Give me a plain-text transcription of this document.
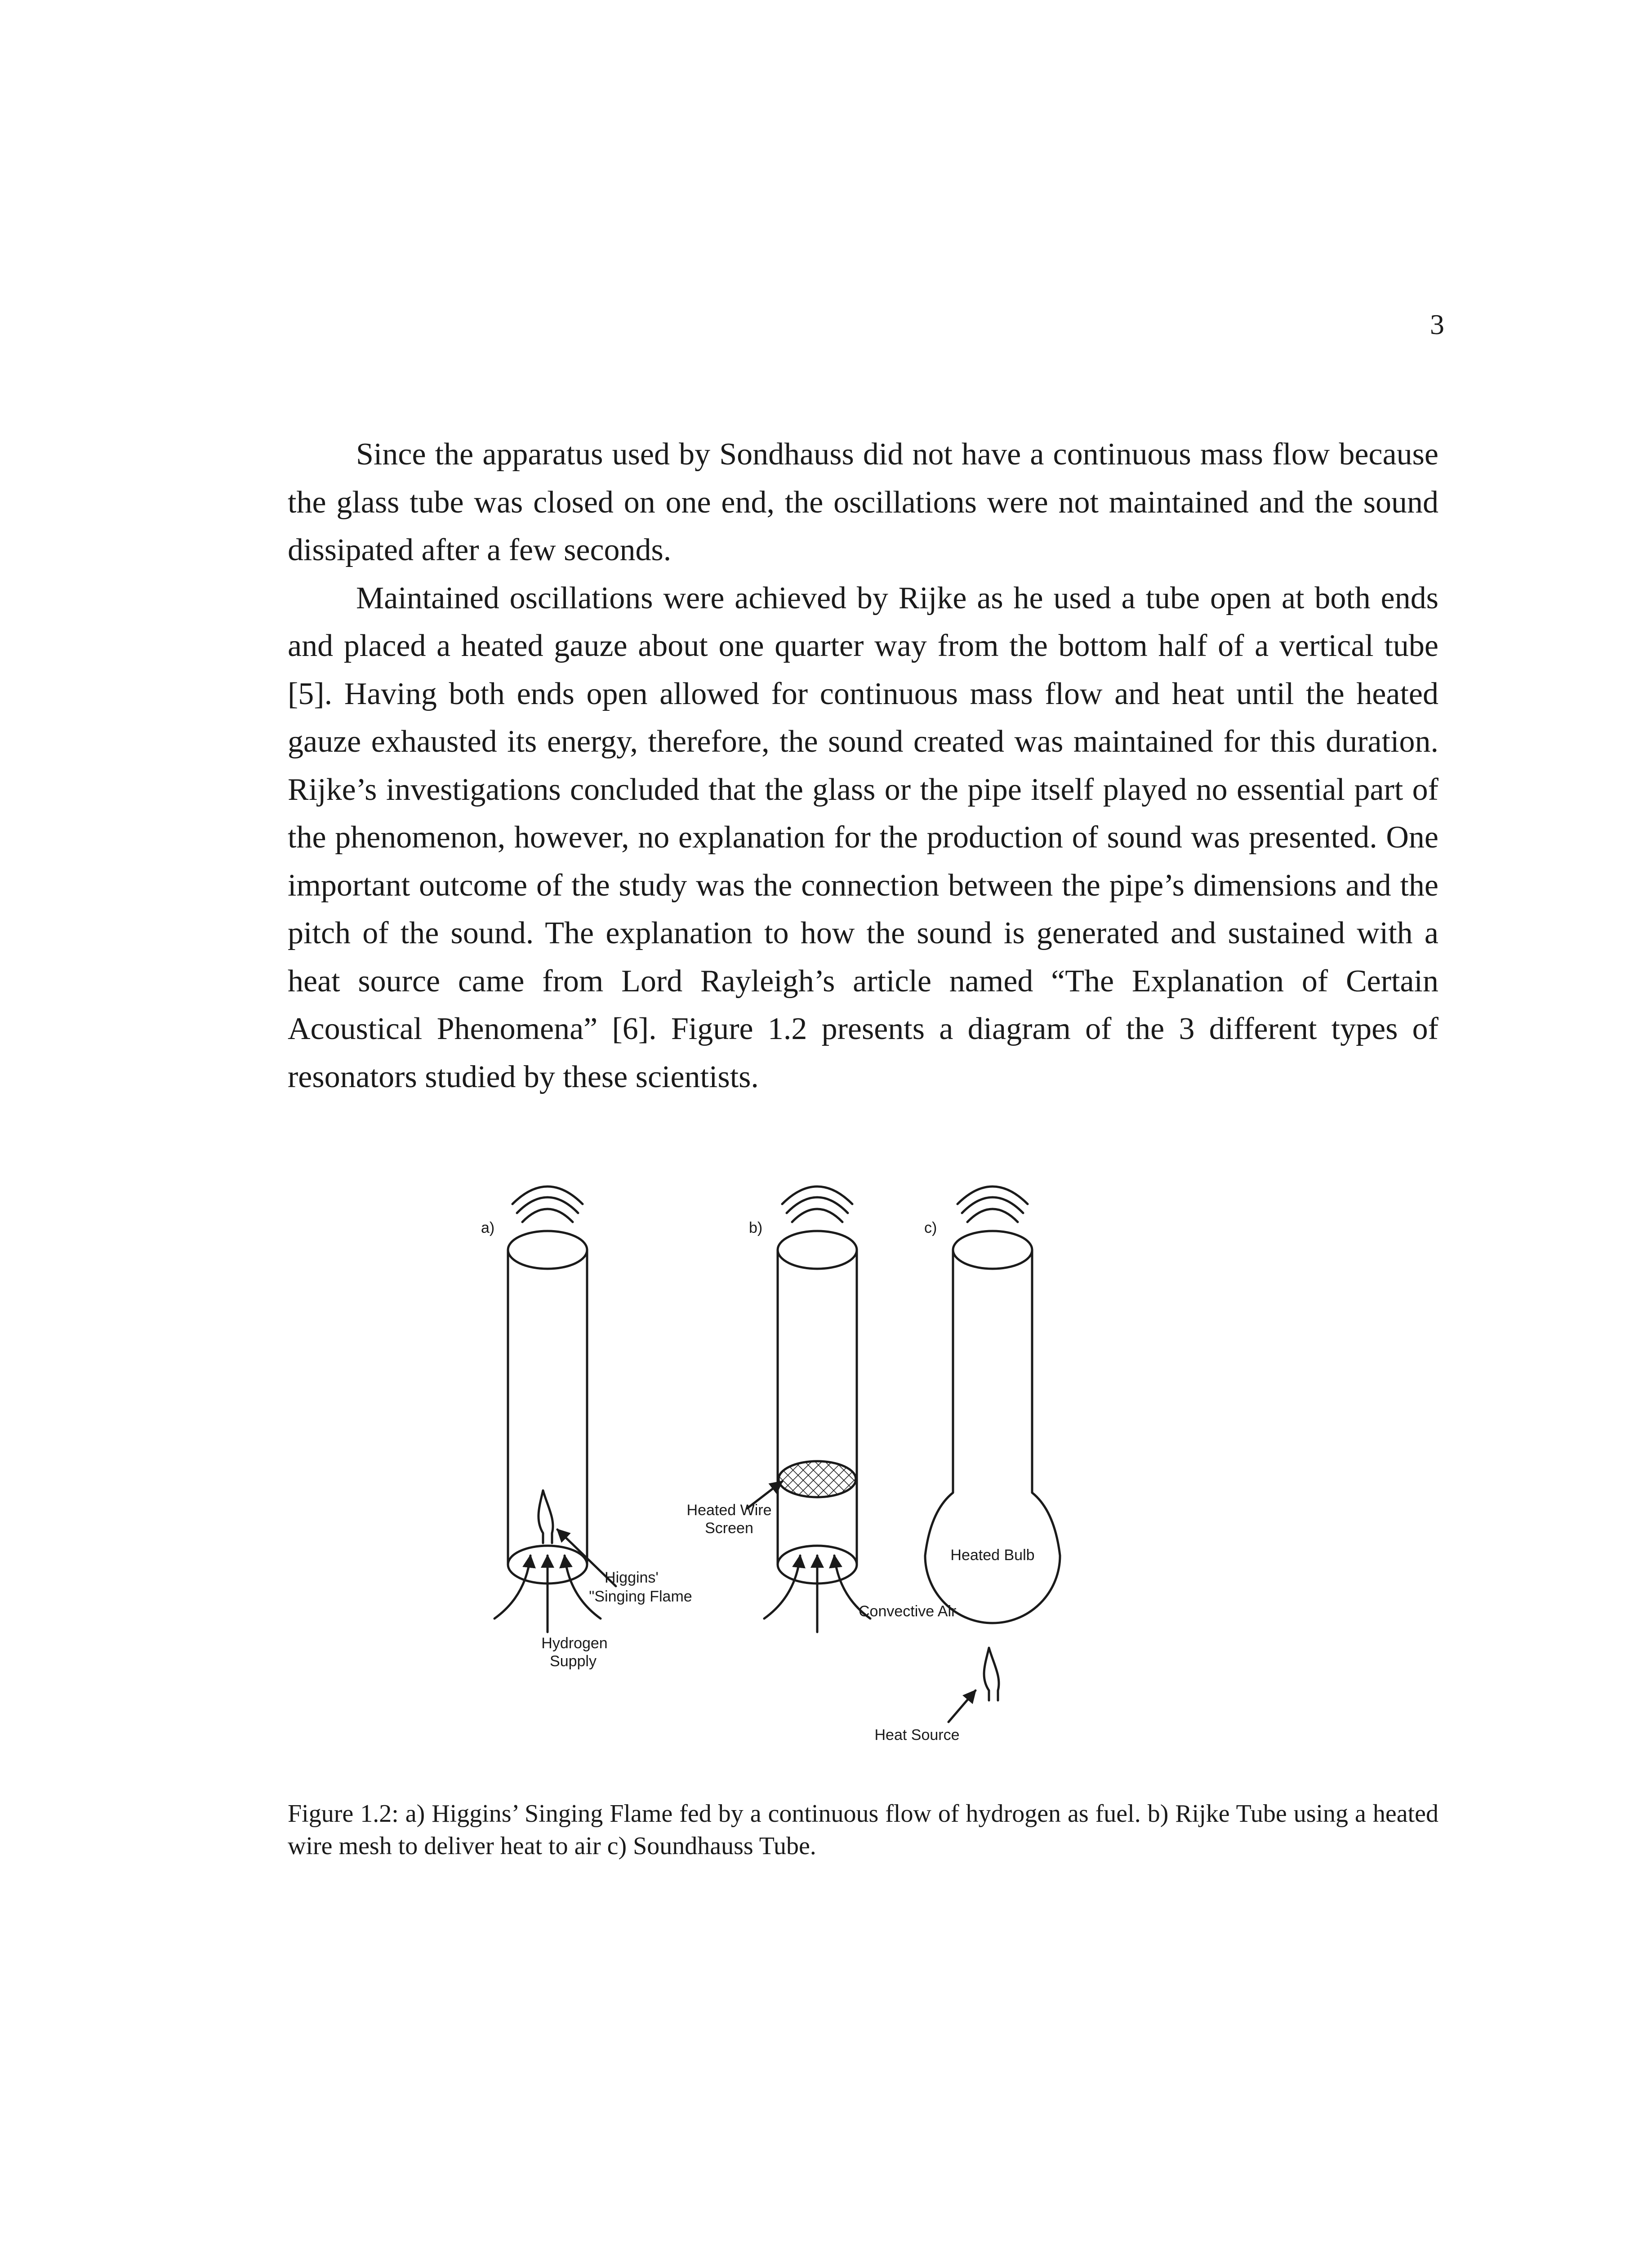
3

Since the apparatus used by Sondhauss did not have a continuous mass flow because the glass tube was closed on one end, the oscillations were not maintained and the sound dissipated after a few seconds.

Maintained oscillations were achieved by Rijke as he used a tube open at both ends and placed a heated gauze about one quarter way from the bottom half of a vertical tube [5]. Having both ends open allowed for continuous mass flow and heat until the heated gauze exhausted its energy, therefore, the sound created was maintained for this duration. Rijke’s investigations concluded that the glass or the pipe itself played no essential part of the phenomenon, however, no explanation for the production of sound was presented. One important outcome of the study was the connection between the pipe’s dimensions and the pitch of the sound. The explanation to how the sound is generated and sustained with a heat source came from Lord Rayleigh’s article named “The Explanation of Certain Acoustical Phenomena” [6]. Figure 1.2 presents a diagram of the 3 different types of resonators studied by these scientists.

a)
Higgins'
"Singing Flame
Hydrogen
Supply
b)
Heated Wire
Screen
Convective Air
c)
Heated Bulb
Heat Source

Figure 1.2: a) Higgins’ Singing Flame fed by a continuous flow of hydrogen as fuel. b) Rijke Tube using a heated wire mesh to deliver heat to air c) Soundhauss Tube.
